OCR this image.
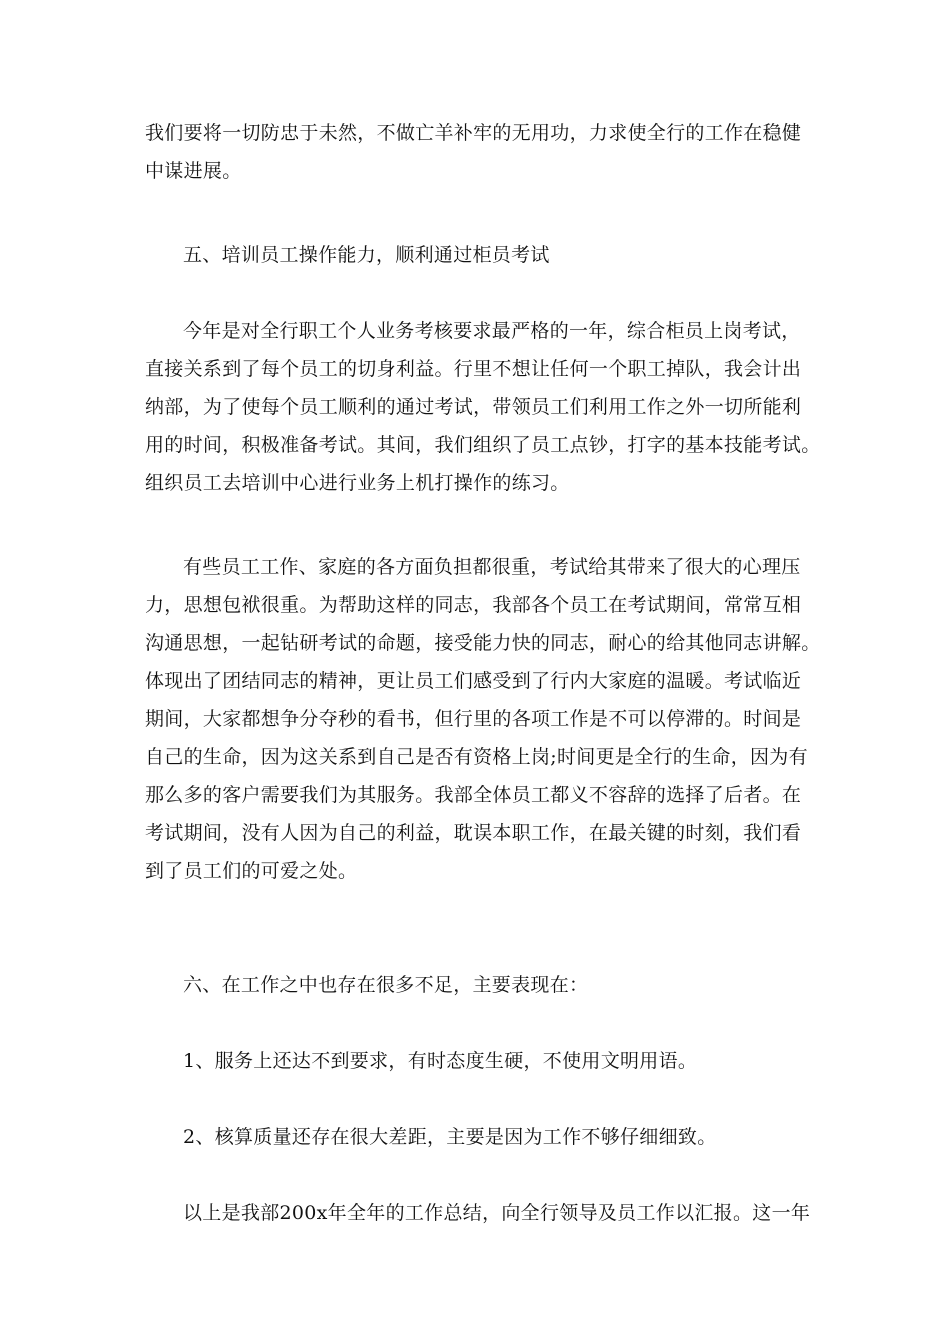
我们要将一切防忠于未然，不做亡羊补牢的无用功，力求使全行的工作在稳健
中谋进展。

五、培训员工操作能力，顺利通过柜员考试

今年是对全行职工个人业务考核要求最严格的一年，综合柜员上岗考试，
直接关系到了每个员工的切身利益。行里不想让任何一个职工掉队，我会计出
纳部，为了使每个员工顺利的通过考试，带领员工们利用工作之外一切所能利
用的时间，积极准备考试。其间，我们组织了员工点钞，打字的基本技能考试。
组织员工去培训中心进行业务上机打操作的练习。

有些员工工作、家庭的各方面负担都很重，考试给其带来了很大的心理压
力，思想包袱很重。为帮助这样的同志，我部各个员工在考试期间，常常互相
沟通思想，一起钻研考试的命题，接受能力快的同志，耐心的给其他同志讲解。
体现出了团结同志的精神，更让员工们感受到了行内大家庭的温暖。考试临近
期间，大家都想争分夺秒的看书，但行里的各项工作是不可以停滞的。时间是
自己的生命，因为这关系到自己是否有资格上岗;时间更是全行的生命，因为有
那么多的客户需要我们为其服务。我部全体员工都义不容辞的选择了后者。在
考试期间，没有人因为自己的利益，耽误本职工作，在最关键的时刻，我们看
到了员工们的可爱之处。

六、在工作之中也存在很多不足，主要表现在：

1、服务上还达不到要求，有时态度生硬，不使用文明用语。

2、核算质量还存在很大差距，主要是因为工作不够仔细细致。

以上是我部200x年全年的工作总结，向全行领导及员工作以汇报。这一年
